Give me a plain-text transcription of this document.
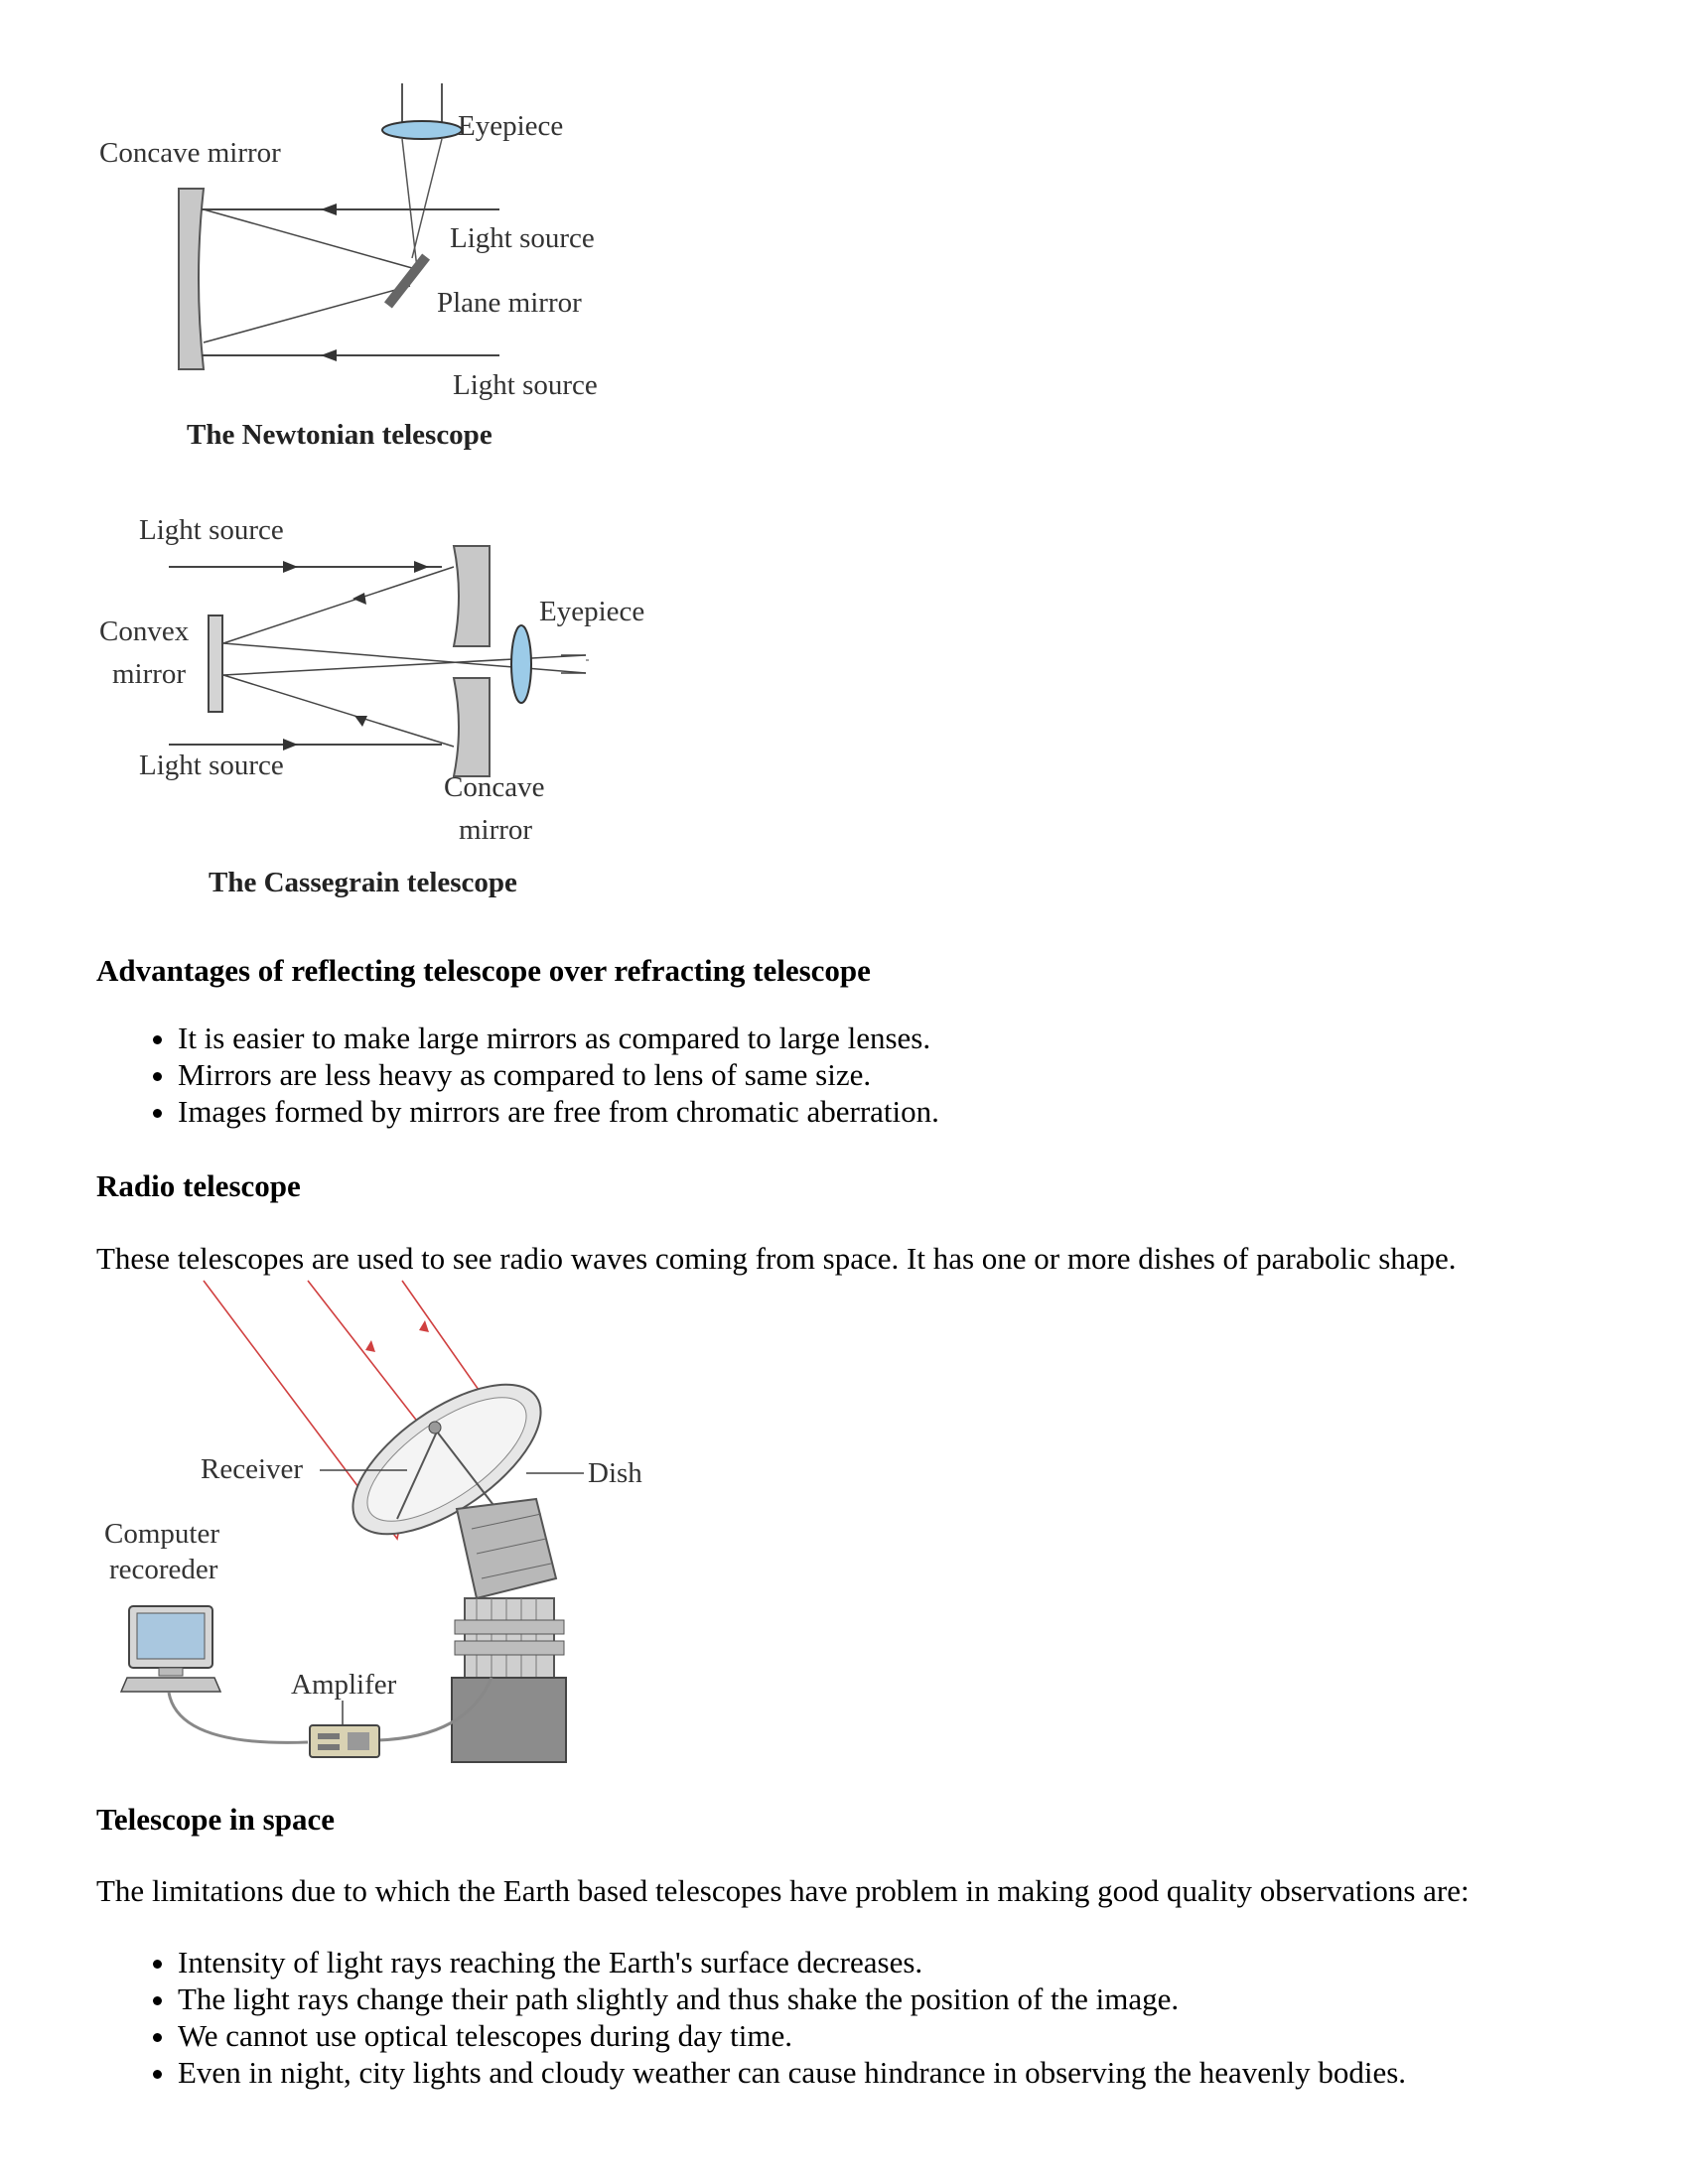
Eyepiece
Concave mirror
Light source
Plane mirror
Light source
The Newtonian telescope
Light source
Convex
mirror
Eyepiece
Light source
Concave
mirror
The Cassegrain telescope
Advantages of reflecting telescope over refracting telescope
• It is easier to make large mirrors as compared to large lenses.
• Mirrors are less heavy as compared to lens of same size.
• Images formed by mirrors are free from chromatic aberration.
Radio telescope

These telescopes are used to see radio waves coming from space. It has one or more dishes of parabolic shape.

Receiver	Dish
Computer
recoreder
Amplifer
Telescope in space

The limitations due to which the Earth based telescopes have problem in making good quality observations are:

• Intensity of light rays reaching the Earth's surface decreases.
• The light rays change their path slightly and thus shake the position of the image.
• We cannot use optical telescopes during day time.
• Even in night, city lights and cloudy weather can cause hindrance in observing the heavenly bodies.
